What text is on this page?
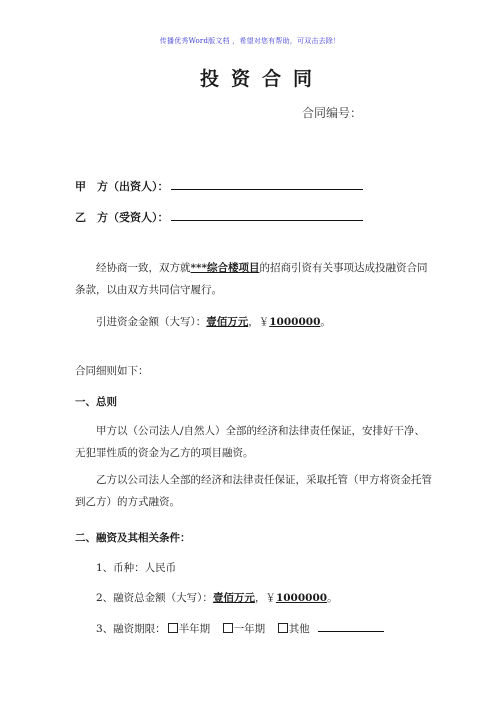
传播优秀Word版文档 ，希望对您有帮助，可双击去除！
投资合同
合同编号：
甲　方（出资人）：
乙　方（受资人）：
经协商一致，双方就***综合楼项目的招商引资有关事项达成投融资合同条款，以由双方共同信守履行。
引进资金金额（大写）：壹佰万元，￥1000000。
合同细则如下：
一、总则
甲方以（公司法人/自然人）全部的经济和法律责任保证，安排好干净、无犯罪性质的资金为乙方的项目融资。
乙方以公司法人全部的经济和法律责任保证，采取托管（甲方将资金托管到乙方）的方式融资。
二、融资及其相关条件：
1、币种：人民币
2、融资总金额（大写）：壹佰万元，￥1000000。
3、融资期限： 半年期  一年期  其他
